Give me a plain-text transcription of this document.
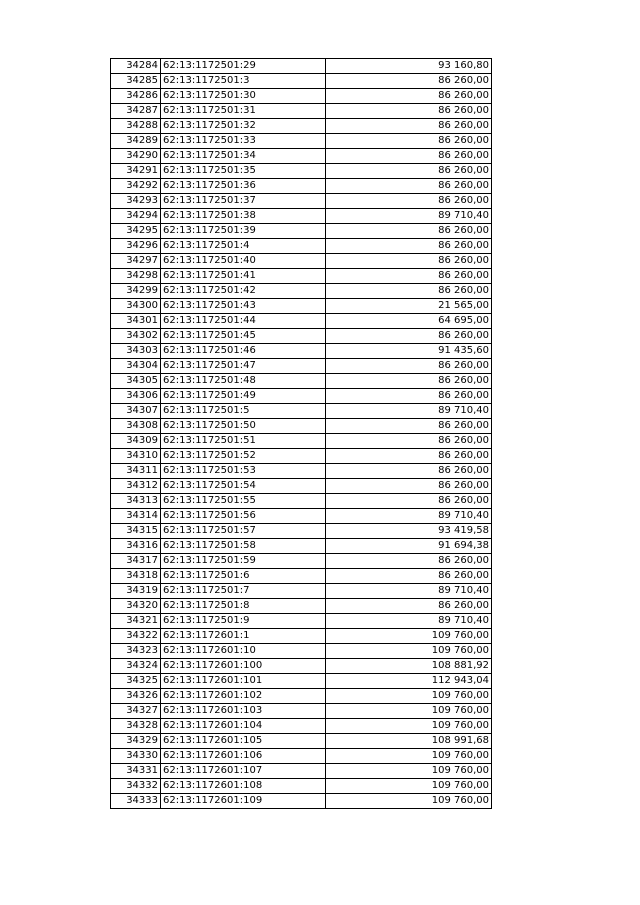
34284	62:13:1172501:29	93 160,80
34285	62:13:1172501:3	86 260,00
34286	62:13:1172501:30	86 260,00
34287	62:13:1172501:31	86 260,00
34288	62:13:1172501:32	86 260,00
34289	62:13:1172501:33	86 260,00
34290	62:13:1172501:34	86 260,00
34291	62:13:1172501:35	86 260,00
34292	62:13:1172501:36	86 260,00
34293	62:13:1172501:37	86 260,00
34294	62:13:1172501:38	89 710,40
34295	62:13:1172501:39	86 260,00
34296	62:13:1172501:4	86 260,00
34297	62:13:1172501:40	86 260,00
34298	62:13:1172501:41	86 260,00
34299	62:13:1172501:42	86 260,00
34300	62:13:1172501:43	21 565,00
34301	62:13:1172501:44	64 695,00
34302	62:13:1172501:45	86 260,00
34303	62:13:1172501:46	91 435,60
34304	62:13:1172501:47	86 260,00
34305	62:13:1172501:48	86 260,00
34306	62:13:1172501:49	86 260,00
34307	62:13:1172501:5	89 710,40
34308	62:13:1172501:50	86 260,00
34309	62:13:1172501:51	86 260,00
34310	62:13:1172501:52	86 260,00
34311	62:13:1172501:53	86 260,00
34312	62:13:1172501:54	86 260,00
34313	62:13:1172501:55	86 260,00
34314	62:13:1172501:56	89 710,40
34315	62:13:1172501:57	93 419,58
34316	62:13:1172501:58	91 694,38
34317	62:13:1172501:59	86 260,00
34318	62:13:1172501:6	86 260,00
34319	62:13:1172501:7	89 710,40
34320	62:13:1172501:8	86 260,00
34321	62:13:1172501:9	89 710,40
34322	62:13:1172601:1	109 760,00
34323	62:13:1172601:10	109 760,00
34324	62:13:1172601:100	108 881,92
34325	62:13:1172601:101	112 943,04
34326	62:13:1172601:102	109 760,00
34327	62:13:1172601:103	109 760,00
34328	62:13:1172601:104	109 760,00
34329	62:13:1172601:105	108 991,68
34330	62:13:1172601:106	109 760,00
34331	62:13:1172601:107	109 760,00
34332	62:13:1172601:108	109 760,00
34333	62:13:1172601:109	109 760,00
